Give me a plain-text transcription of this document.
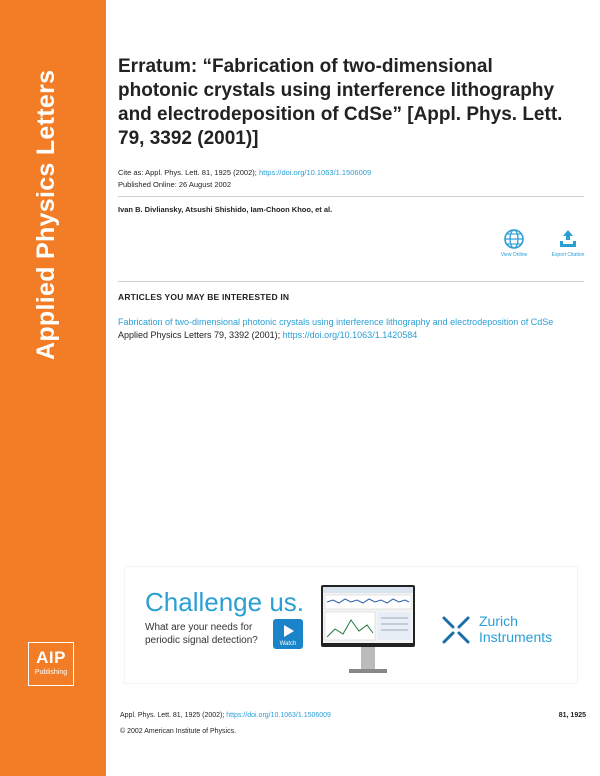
Applied Physics Letters
AIP
Publishing
Erratum: “Fabrication of two-dimensional photonic crystals using interference lithography and electrodeposition of CdSe” [Appl. Phys. Lett. 79, 3392 (2001)]
Cite as: Appl. Phys. Lett. 81, 1925 (2002); https://doi.org/10.1063/1.1506009
Published Online: 26 August 2002
Ivan B. Divliansky, Atsushi Shishido, Iam-Choon Khoo, et al.
View Online	Export Citation
ARTICLES YOU MAY BE INTERESTED IN
Fabrication of two-dimensional photonic crystals using interference lithography and electrodeposition of CdSe
Applied Physics Letters 79, 3392 (2001); https://doi.org/10.1063/1.1420584
Challenge us.
What are your needs for
periodic signal detection?	Watch
Zurich
Instruments
Appl. Phys. Lett. 81, 1925 (2002); https://doi.org/10.1063/1.1506009	81, 1925
© 2002 American Institute of Physics.
